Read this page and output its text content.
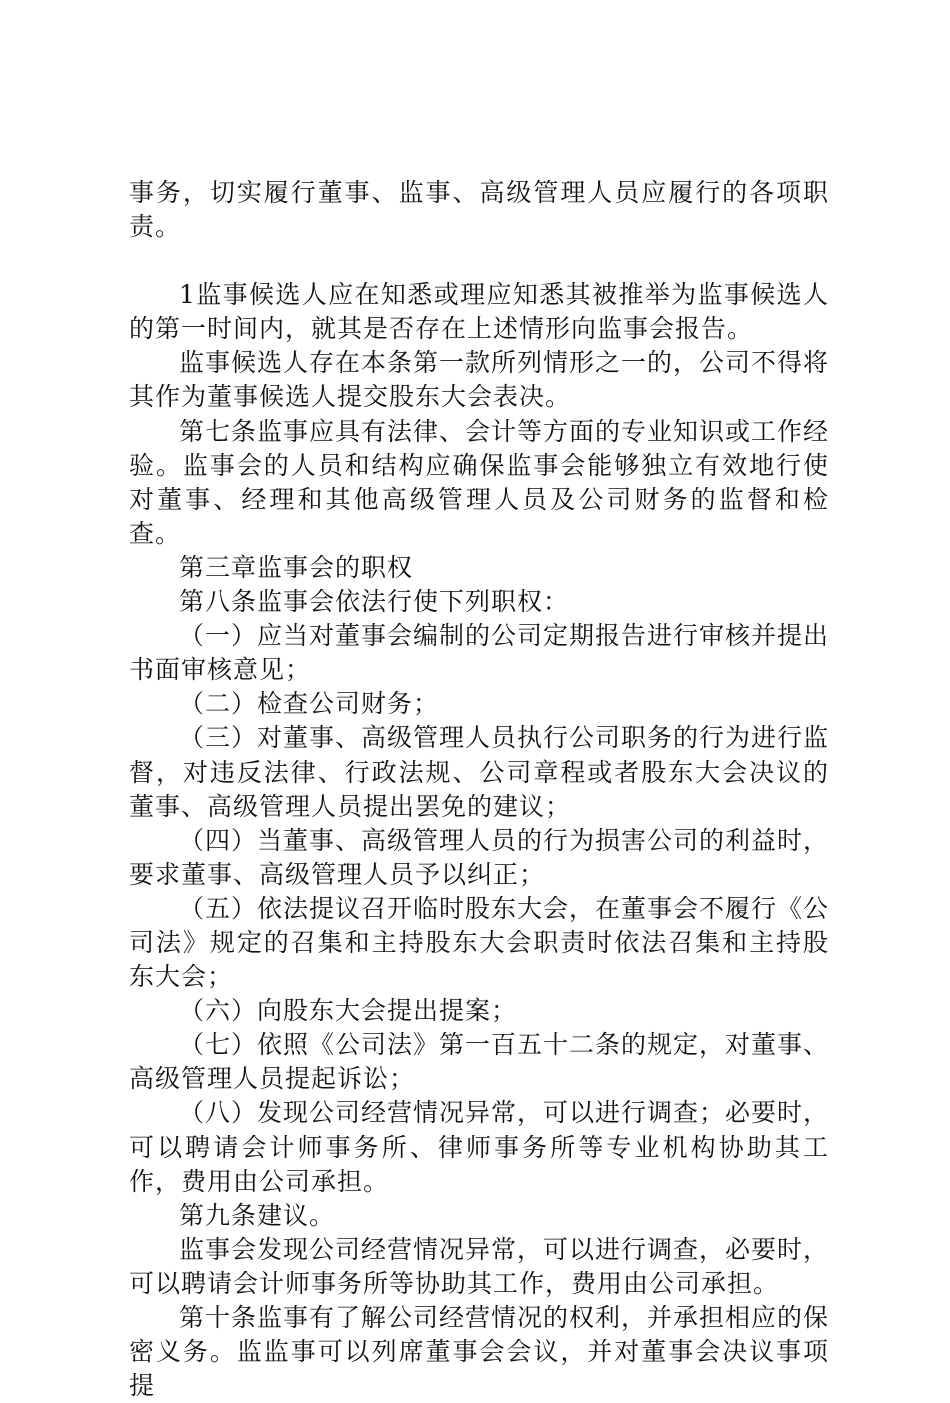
事务，切实履行董事、监事、高级管理人员应履行的各项职责。

1监事候选人应在知悉或理应知悉其被推举为监事候选人的第一时间内，就其是否存在上述情形向监事会报告。

监事候选人存在本条第一款所列情形之一的，公司不得将其作为董事候选人提交股东大会表决。

第七条监事应具有法律、会计等方面的专业知识或工作经验。监事会的人员和结构应确保监事会能够独立有效地行使对董事、经理和其他高级管理人员及公司财务的监督和检查。

第三章监事会的职权

第八条监事会依法行使下列职权：

（一）应当对董事会编制的公司定期报告进行审核并提出书面审核意见；

（二）检查公司财务；

（三）对董事、高级管理人员执行公司职务的行为进行监督，对违反法律、行政法规、公司章程或者股东大会决议的董事、高级管理人员提出罢免的建议；

（四）当董事、高级管理人员的行为损害公司的利益时，要求董事、高级管理人员予以纠正；

（五）依法提议召开临时股东大会，在董事会不履行《公司法》规定的召集和主持股东大会职责时依法召集和主持股东大会；

（六）向股东大会提出提案；

（七）依照《公司法》第一百五十二条的规定，对董事、高级管理人员提起诉讼；

（八）发现公司经营情况异常，可以进行调查；必要时，可以聘请会计师事务所、律师事务所等专业机构协助其工作，费用由公司承担。

第九条建议。

监事会发现公司经营情况异常，可以进行调查，必要时，可以聘请会计师事务所等协助其工作，费用由公司承担。

第十条监事有了解公司经营情况的权利，并承担相应的保密义务。监监事可以列席董事会会议，并对董事会决议事项提
